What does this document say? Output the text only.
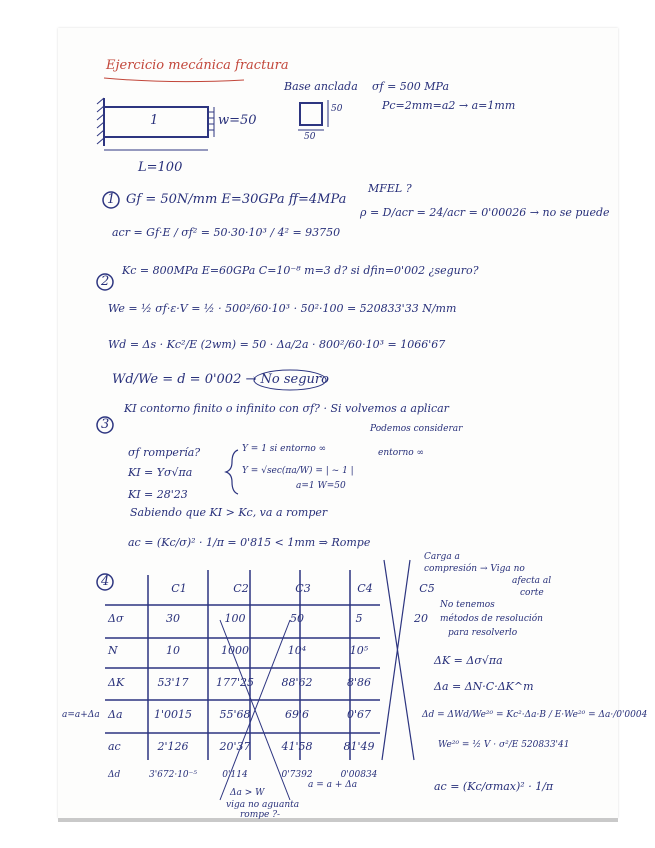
Ejercicio mecánica fractura
1	w=50
L=100
Base anclada
50
50
σf = 500 MPa
Pc=2mm=a2 → a=1mm
1 Gf = 50N/mm E=30GPa ff=4MPa
MFEL ?
acr = Gf·E / σf² = 50·30·10³ / 4² = 93750
ρ = D/acr = 24/acr = 0'00026 → no se puede
2
Kc = 800MPa E=60GPa C=10⁻⁸ m=3 d? si dfin=0'002 ¿seguro?
We = ½ σf·ε·V = ½ · 500²/60·10³ · 50²·100 = 520833'33 N/mm
Wd = Δs · Kc²/E (2wm) = 50 · Δa/2a · 800²/60·10³ = 1066'67
Wd/We = d = 0'002 → No seguro
3
KI contorno finito o infinito con σf? · Si volvemos a aplicar
σf rompería?
KI = Yσ√πa
KI = 28'23
Y = 1 si entorno ∞
Y = √sec(πa/W) = | ~ 1 |
a=1 W=50
Podemos considerar
entorno ∞
Sabiendo que KI > Kc, va a romper
ac = (Kc/σ)² · 1/π = 0'815 < 1mm ⇒ Rompe
4	C1	C2	C3	C4	C5
Δσ	30	100	50	5	20
N	10	1000	10⁴	10⁵
ΔK	53'17	177'25	88'62	8'86
Δa	1'0015	55'68	69'6	0'67
ac	2'126	20'37	41'58	81'49
Δd	3'672·10⁻⁵	0'114	0'7392	0'00834
a=a+Δa
Carga a
compresión → Viga no
afecta al
corte
No tenemos
métodos de resolución
para resolverlo
ΔK = Δσ√πa
Δa = ΔN·C·ΔK^m
Δd = ΔWd/We²⁰ = Kc²·Δa·B / E·We²⁰ = Δa·/0'0004
We²⁰ = ½ V · σ²/E 520833'41
ac = (Kc/σmax)² · 1/π
Δa > W
viga no aguanta
rompe ?-
a = a + Δa
